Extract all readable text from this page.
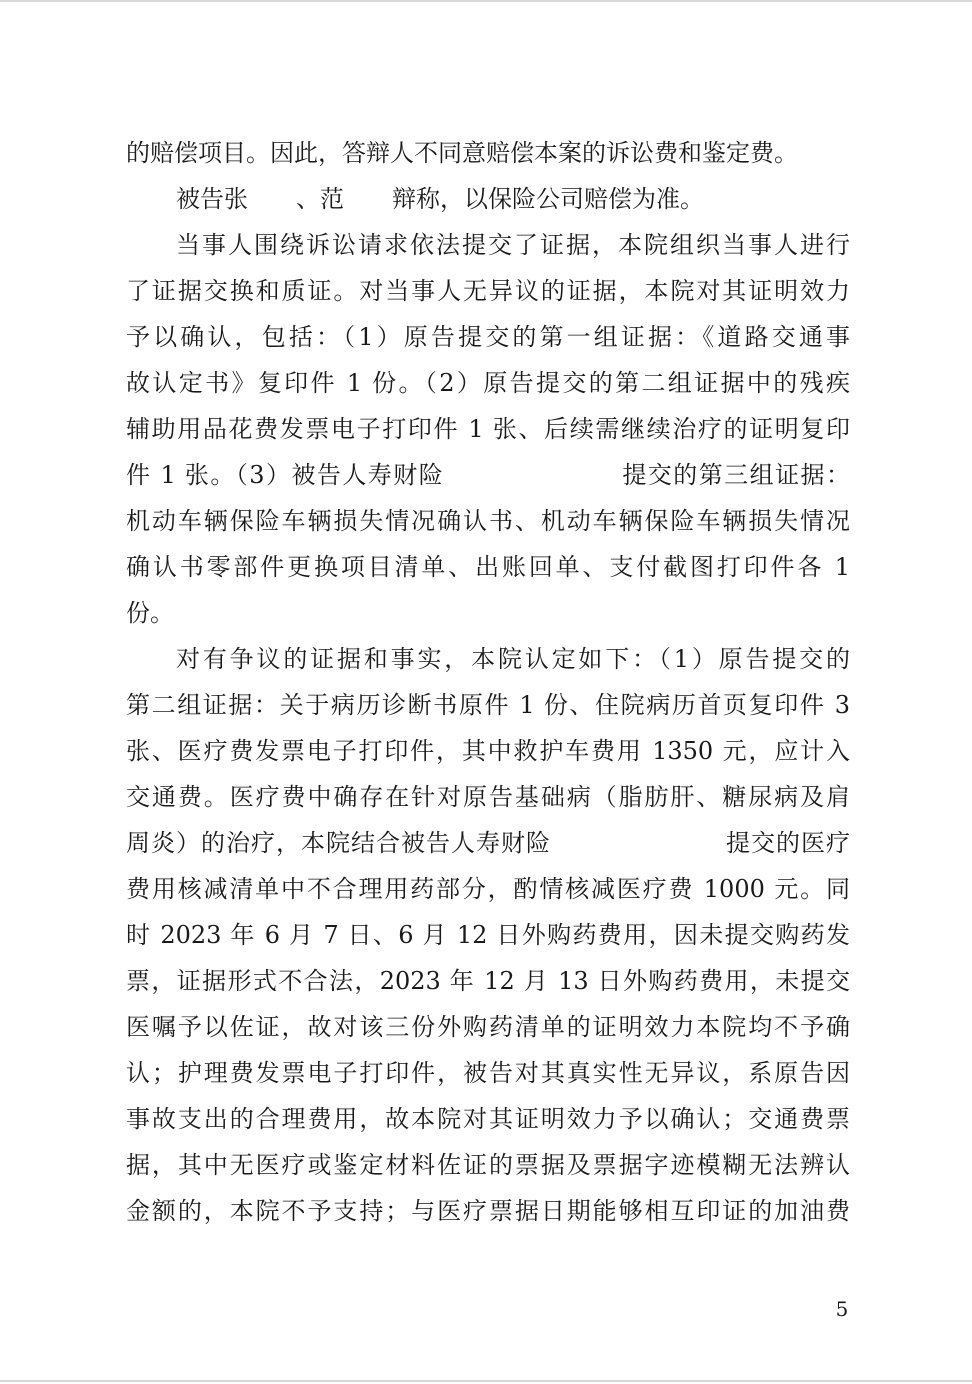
的赔偿项目。因此，答辩人不同意赔偿本案的诉讼费和鉴定费。
被告张　　、范　　辩称，以保险公司赔偿为准。
当事人围绕诉讼请求依法提交了证据，本院组织当事人进行
了证据交换和质证。对当事人无异议的证据，本院对其证明效力
予以确认，包括：（1）原告提交的第一组证据：《道路交通事
故认定书》复印件 1 份。（2）原告提交的第二组证据中的残疾
辅助用品花费发票电子打印件 1 张、后续需继续治疗的证明复印
件 1 张。（3）被告人寿财险　　　　　　　提交的第三组证据：
机动车辆保险车辆损失情况确认书、机动车辆保险车辆损失情况
确认书零部件更换项目清单、出账回单、支付截图打印件各 1
份。
对有争议的证据和事实，本院认定如下：（1）原告提交的
第二组证据：关于病历诊断书原件 1 份、住院病历首页复印件 3
张、医疗费发票电子打印件，其中救护车费用 1350 元，应计入
交通费。医疗费中确存在针对原告基础病（脂肪肝、糖尿病及肩
周炎）的治疗，本院结合被告人寿财险　　　　　　　提交的医疗
费用核减清单中不合理用药部分，酌情核减医疗费 1000 元。同
时 2023 年 6 月 7 日、6 月 12 日外购药费用，因未提交购药发
票，证据形式不合法，2023 年 12 月 13 日外购药费用，未提交
医嘱予以佐证，故对该三份外购药清单的证明效力本院均不予确
认；护理费发票电子打印件，被告对其真实性无异议，系原告因
事故支出的合理费用，故本院对其证明效力予以确认；交通费票
据，其中无医疗或鉴定材料佐证的票据及票据字迹模糊无法辨认
金额的，本院不予支持；与医疗票据日期能够相互印证的加油费
5
